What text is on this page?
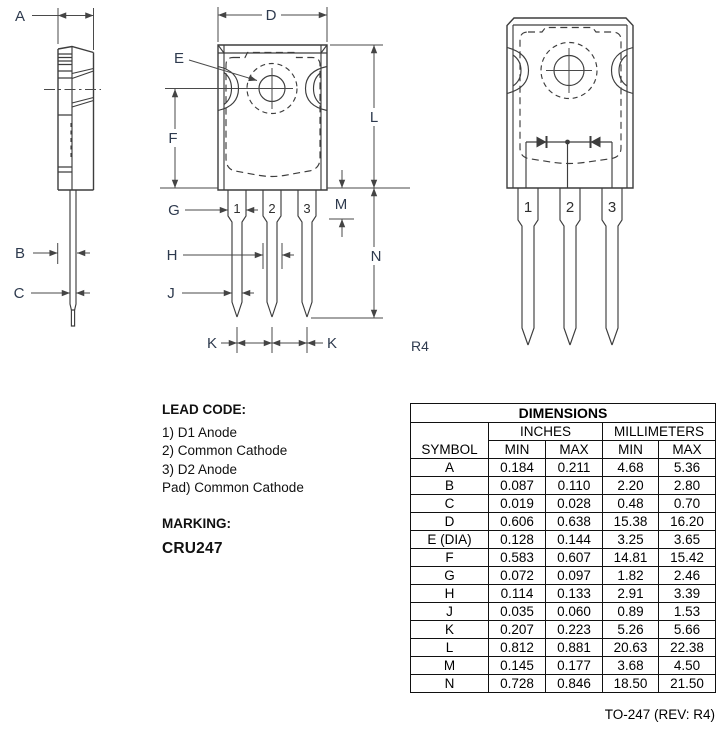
A
B
C
1 2 3
D
E
F
G
H
J
K	K
L
M
N
R4
1 2 3
LEAD CODE:
1) D1 Anode
2) Common Cathode
3) D2 Anode
Pad) Common Cathode
MARKING:
CRU247
DIMENSIONS				
SYMBOL	INCHES		MILLIMETERS	
	MIN	MAX	MIN	MAX
A	0.184	0.211	4.68	5.36
B	0.087	0.110	2.20	2.80
C	0.019	0.028	0.48	0.70
D	0.606	0.638	15.38	16.20
E (DIA)	0.128	0.144	3.25	3.65
F	0.583	0.607	14.81	15.42
G	0.072	0.097	1.82	2.46
H	0.114	0.133	2.91	3.39
J	0.035	0.060	0.89	1.53
K	0.207	0.223	5.26	5.66
L	0.812	0.881	20.63	22.38
M	0.145	0.177	3.68	4.50
N	0.728	0.846	18.50	21.50
TO-247 (REV: R4)
